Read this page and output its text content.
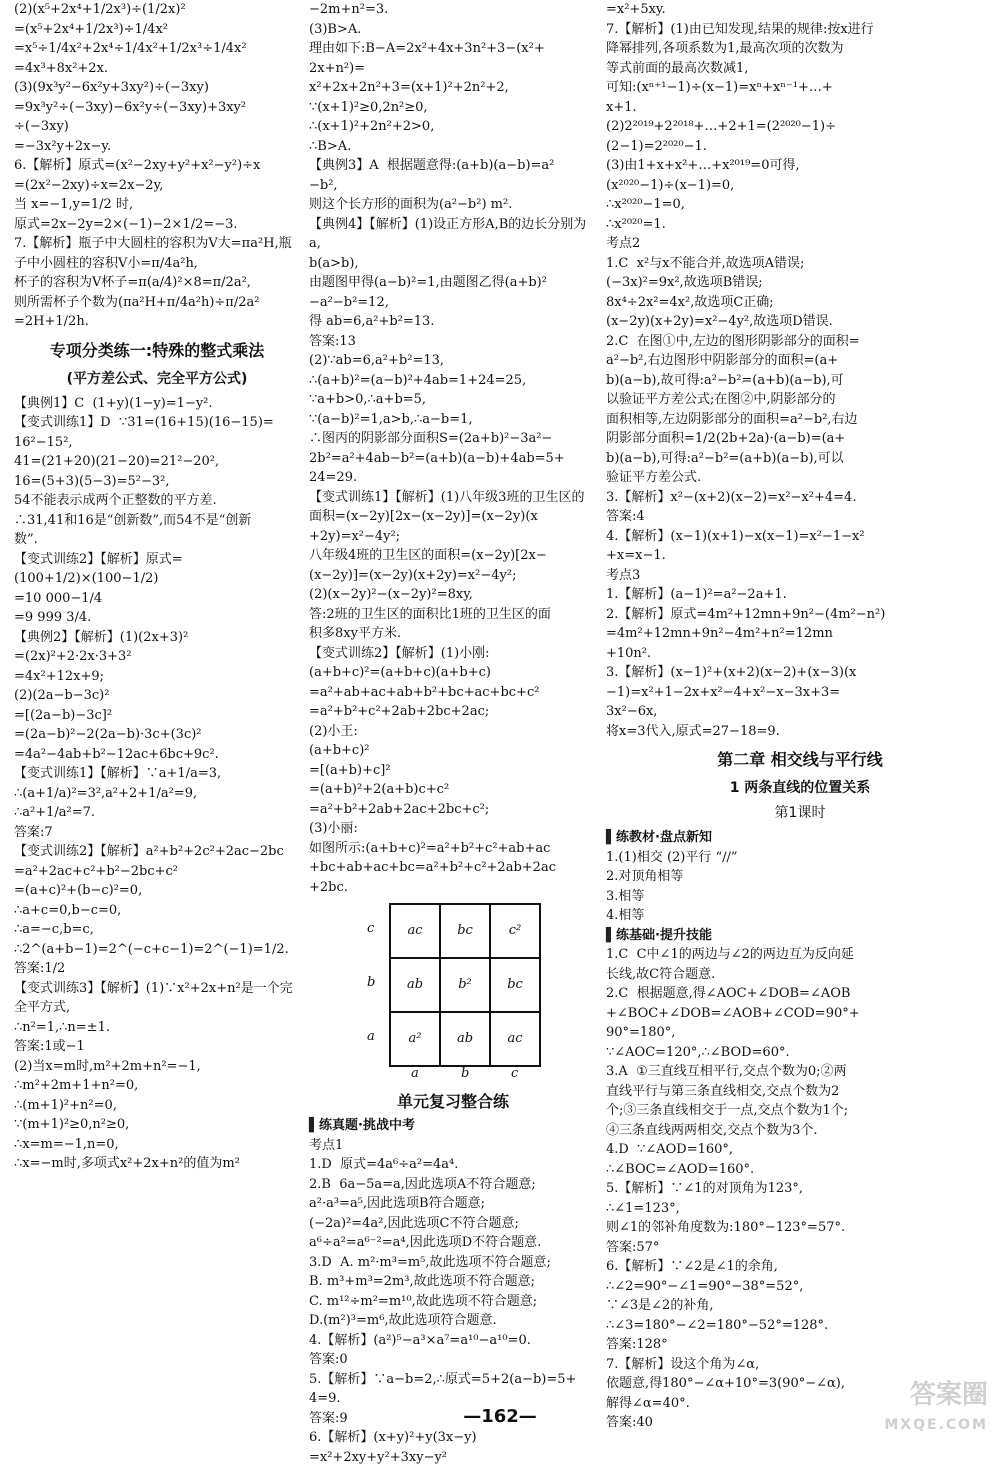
(2)(x⁵+2x⁴+1/2x³)÷(1/2x)²
=(x⁵+2x⁴+1/2x³)÷1/4x²
=x⁵÷1/4x²+2x⁴÷1/4x²+1/2x³÷1/4x²
=4x³+8x²+2x.
(3)(9x³y²−6x²y+3xy²)÷(−3xy)
=9x³y²÷(−3xy)−6x²y÷(−3xy)+3xy²
÷(−3xy)
=−3x²y+2x−y.
6.【解析】原式=(x²−2xy+y²+x²−y²)÷x
=(2x²−2xy)÷x=2x−2y,
当 x=−1,y=1/2 时,
原式=2x−2y=2×(−1)−2×1/2=−3.
7.【解析】瓶子中大圆柱的容积为V大=πa²H,瓶
子中小圆柱的容积V小=π/4a²h,
杯子的容积为V杯子=π(a/4)²×8=π/2a²,
则所需杯子个数为(πa²H+π/4a²h)÷π/2a²
=2H+1/2h.
专项分类练一:特殊的整式乘法
(平方差公式、完全平方公式)
【典例1】C  (1+y)(1−y)=1−y².
【变式训练1】D  ∵31=(16+15)(16−15)=
16²−15²,
41=(21+20)(21−20)=21²−20²,
16=(5+3)(5−3)=5²−3²,
54不能表示成两个正整数的平方差.
∴31,41和16是“创新数”,而54不是“创新
数”.
【变式训练2】【解析】原式=
(100+1/2)×(100−1/2)
=10 000−1/4
=9 999 3/4.
【典例2】【解析】(1)(2x+3)²
=(2x)²+2·2x·3+3²
=4x²+12x+9;
(2)(2a−b−3c)²
=[(2a−b)−3c]²
=(2a−b)²−2(2a−b)·3c+(3c)²
=4a²−4ab+b²−12ac+6bc+9c².
【变式训练1】【解析】∵a+1/a=3,
∴(a+1/a)²=3²,a²+2+1/a²=9,
∴a²+1/a²=7.
答案:7
【变式训练2】【解析】a²+b²+2c²+2ac−2bc
=a²+2ac+c²+b²−2bc+c²
=(a+c)²+(b−c)²=0,
∴a+c=0,b−c=0,
∴a=−c,b=c,
∴2^(a+b−1)=2^(−c+c−1)=2^(−1)=1/2.
答案:1/2
【变式训练3】【解析】(1)∵x²+2x+n²是一个完
全平方式,
∴n²=1,∴n=±1.
答案:1或−1
(2)当x=m时,m²+2m+n²=−1,
∴m²+2m+1+n²=0,
∴(m+1)²+n²=0,
∵(m+1)²≥0,n²≥0,
∴x=m=−1,n=0,
∴x=−m时,多项式x²+2x+n²的值为m²
−2m+n²=3.
(3)B>A.
理由如下:B−A=2x²+4x+3n²+3−(x²+
2x+n²)=
x²+2x+2n²+3=(x+1)²+2n²+2,
∵(x+1)²≥0,2n²≥0,
∴(x+1)²+2n²+2>0,
∴B>A.
【典例3】A  根据题意得:(a+b)(a−b)=a²
−b²,
则这个长方形的面积为(a²−b²) m².
【典例4】【解析】(1)设正方形A,B的边长分别为a,
b(a>b),
由题图甲得(a−b)²=1,由题图乙得(a+b)²
−a²−b²=12,
得 ab=6,a²+b²=13.
答案:13
(2)∵ab=6,a²+b²=13,
∴(a+b)²=(a−b)²+4ab=1+24=25,
∵a+b>0,∴a+b=5,
∵(a−b)²=1,a>b,∴a−b=1,
∴图丙的阴影部分面积S=(2a+b)²−3a²−
2b²=a²+4ab−b²=(a+b)(a−b)+4ab=5+
24=29.
【变式训练1】【解析】(1)八年级3班的卫生区的
面积=(x−2y)[2x−(x−2y)]=(x−2y)(x
+2y)=x²−4y²;
八年级4班的卫生区的面积=(x−2y)[2x−
(x−2y)]=(x−2y)(x+2y)=x²−4y²;
(2)(x−2y)²−(x−2y)²=8xy,
答:2班的卫生区的面积比1班的卫生区的面
积多8xy平方米.
【变式训练2】【解析】(1)小刚:
(a+b+c)²=(a+b+c)(a+b+c)
=a²+ab+ac+ab+b²+bc+ac+bc+c²
=a²+b²+c²+2ab+2bc+2ac;
(2)小王:
(a+b+c)²
=[(a+b)+c]²
=(a+b)²+2(a+b)c+c²
=a²+b²+2ab+2ac+2bc+c²;
(3)小丽:
如图所示:(a+b+c)²=a²+b²+c²+ab+ac
+bc+ab+ac+bc=a²+b²+c²+2ab+2ac
+2bc.
c
b
a
ac	bc	c²
ab	b²	bc
a²	ab	ac
a	b	c
单元复习整合练
▌ 练真题·挑战中考
考点1
1.D  原式=4a⁶÷a²=4a⁴.
2.B  6a−5a=a,因此选项A不符合题意;
a²·a³=a⁵,因此选项B符合题意;
(−2a)²=4a²,因此选项C不符合题意;
a⁶÷a²=a⁶⁻²=a⁴,因此选项D不符合题意.
3.D  A. m²·m³=m⁵,故此选项不符合题意;
B. m³+m³=2m³,故此选项不符合题意;
C. m¹²÷m²=m¹⁰,故此选项不符合题意;
D.(m²)³=m⁶,故此选项符合题意.
4.【解析】(a²)⁵−a³×a⁷=a¹⁰−a¹⁰=0.
答案:0
5.【解析】∵a−b=2,∴原式=5+2(a−b)=5+
4=9.
答案:9
6.【解析】(x+y)²+y(3x−y)
=x²+2xy+y²+3xy−y²
=x²+5xy.
7.【解析】(1)由已知发现,结果的规律:按x进行
降幂排列,各项系数为1,最高次项的次数为
等式前面的最高次数减1,
可知:(xⁿ⁺¹−1)÷(x−1)=xⁿ+xⁿ⁻¹+…+
x+1.
(2)2²⁰¹⁹+2²⁰¹⁸+…+2+1=(2²⁰²⁰−1)÷
(2−1)=2²⁰²⁰−1.
(3)由1+x+x²+…+x²⁰¹⁹=0可得,
(x²⁰²⁰−1)÷(x−1)=0,
∴x²⁰²⁰−1=0,
∴x²⁰²⁰=1.
考点2
1.C  x²与x不能合并,故选项A错误;
(−3x)²=9x²,故选项B错误;
8x⁴÷2x²=4x²,故选项C正确;
(x−2y)(x+2y)=x²−4y²,故选项D错误.
2.C  在图①中,左边的图形阴影部分的面积=
a²−b²,右边图形中阴影部分的面积=(a+
b)(a−b),故可得:a²−b²=(a+b)(a−b),可
以验证平方差公式;在图②中,阴影部分的
面积相等,左边阴影部分的面积=a²−b²,右边
阴影部分面积=1/2(2b+2a)·(a−b)=(a+
b)(a−b),可得:a²−b²=(a+b)(a−b),可以
验证平方差公式.
3.【解析】x²−(x+2)(x−2)=x²−x²+4=4.
答案:4
4.【解析】(x−1)(x+1)−x(x−1)=x²−1−x²
+x=x−1.
考点3
1.【解析】(a−1)²=a²−2a+1.
2.【解析】原式=4m²+12mn+9n²−(4m²−n²)
=4m²+12mn+9n²−4m²+n²=12mn
+10n².
3.【解析】(x−1)²+(x+2)(x−2)+(x−3)(x
−1)=x²+1−2x+x²−4+x²−x−3x+3=
3x²−6x,
将x=3代入,原式=27−18=9.
第二章 相交线与平行线
1 两条直线的位置关系
第1课时
▌ 练教材·盘点新知
1.(1)相交 (2)平行 “//”
2.对顶角相等
3.相等
4.相等
▌ 练基础·提升技能
1.C  C中∠1的两边与∠2的两边互为反向延
长线,故C符合题意.
2.C  根据题意,得∠AOC+∠DOB=∠AOB
+∠BOC+∠DOB=∠AOB+∠COD=90°+
90°=180°,
∵∠AOC=120°,∴∠BOD=60°.
3.A  ①三直线互相平行,交点个数为0;②两
直线平行与第三条直线相交,交点个数为2
个;③三条直线相交于一点,交点个数为1个;
④三条直线两两相交,交点个数为3个.
4.D  ∵∠AOD=160°,
∴∠BOC=∠AOD=160°.
5.【解析】∵∠1的对顶角为123°,
∴∠1=123°,
则∠1的邻补角度数为:180°−123°=57°.
答案:57°
6.【解析】∵∠2是∠1的余角,
∴∠2=90°−∠1=90°−38°=52°,
∵∠3是∠2的补角,
∴∠3=180°−∠2=180°−52°=128°.
答案:128°
7.【解析】设这个角为∠α,
依题意,得180°−∠α+10°=3(90°−∠α),
解得∠α=40°.
答案:40
—162—
答案圈
MXQE.COM
